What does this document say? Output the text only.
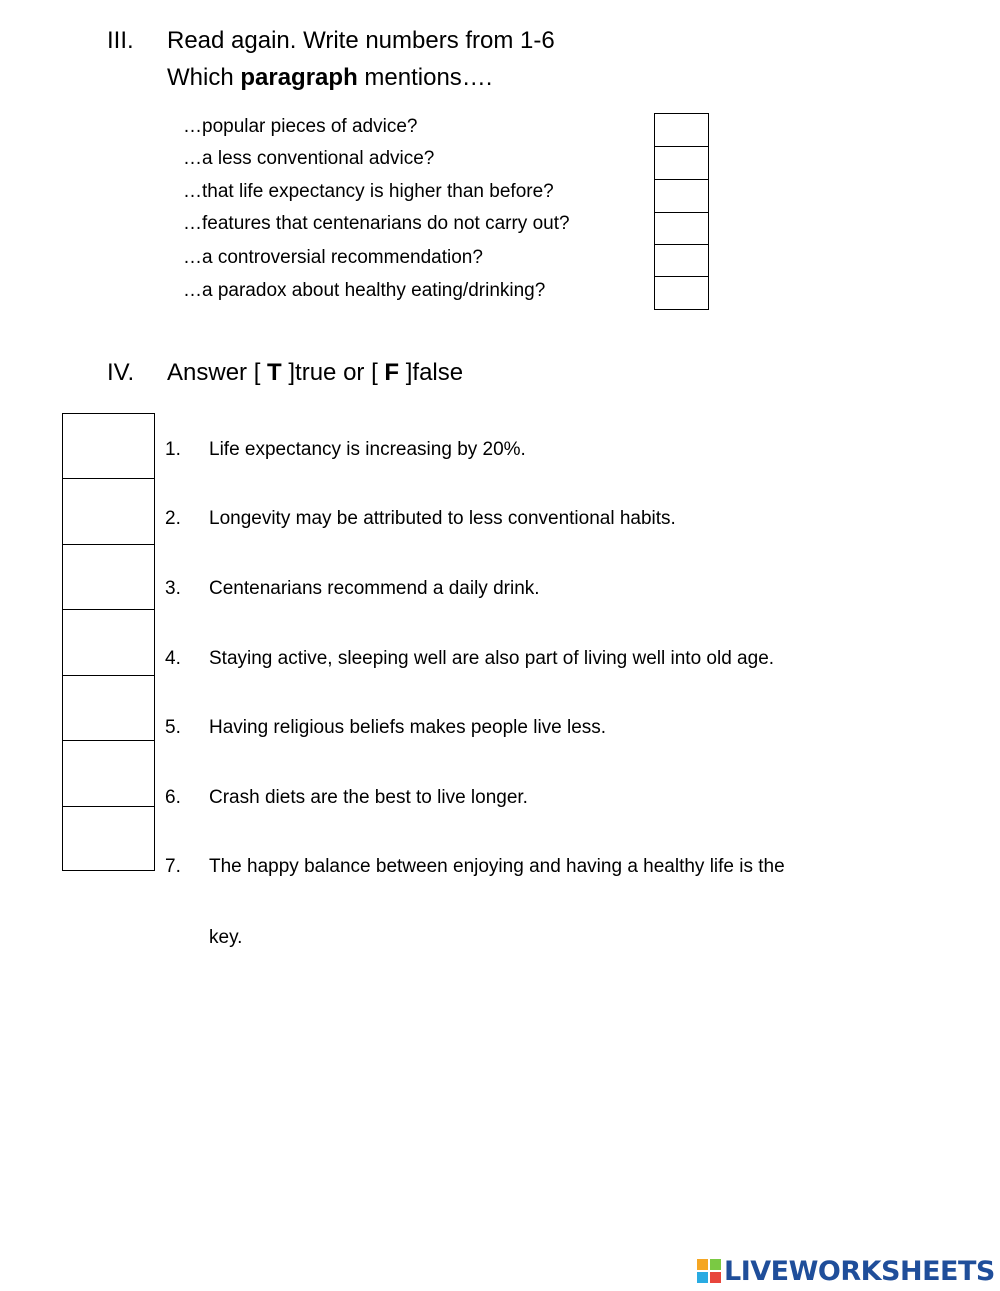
III. Read again. Write numbers from 1-6
Which paragraph mentions….
…popular pieces of advice?
…a less conventional advice?
…that life expectancy is higher than before?
…features that centenarians do not carry out?
…a controversial recommendation?
…a paradox about healthy eating/drinking?
IV. Answer [ T ]true or [ F ]false
1. Life expectancy is increasing by 20%.
2. Longevity may be attributed to less conventional habits.
3. Centenarians recommend a daily drink.
4. Staying active, sleeping well are also part of living well into old age.
5. Having religious beliefs makes people live less.
6. Crash diets are the best to live longer.
7. The happy balance between enjoying and having a healthy life is the
key.
LIVEWORKSHEETS
